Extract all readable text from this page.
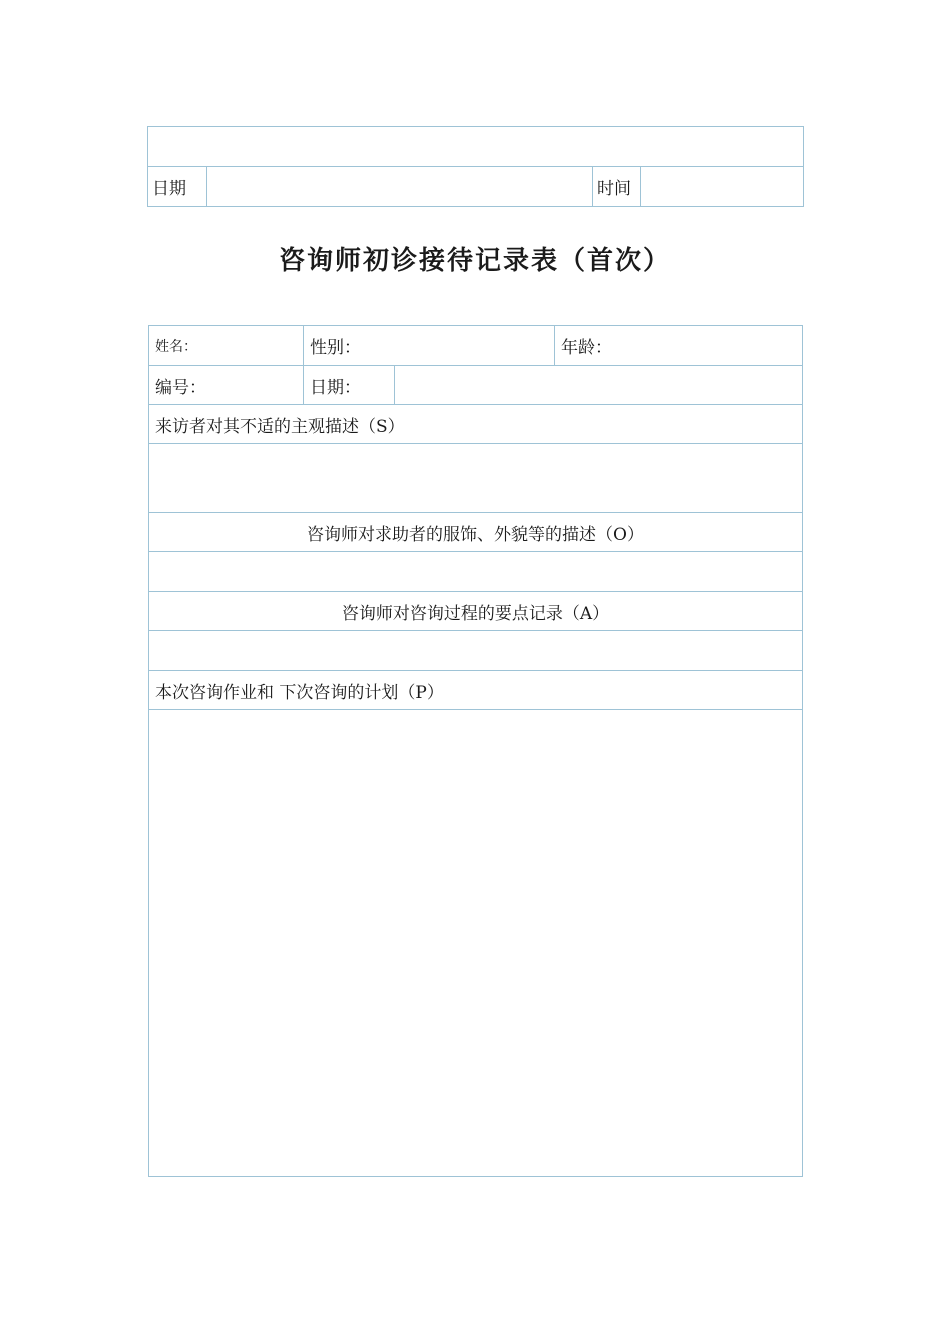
日期		时间	
咨询师初诊接待记录表（首次）
姓名：	性别：		年龄：
编号：	日期：		
来访者对其不适的主观描述（S）			

咨询师对求助者的服饰、外貌等的描述（O）			

咨询师对咨询过程的要点记录（A）			

本次咨询作业和 下次咨询的计划（P）			
